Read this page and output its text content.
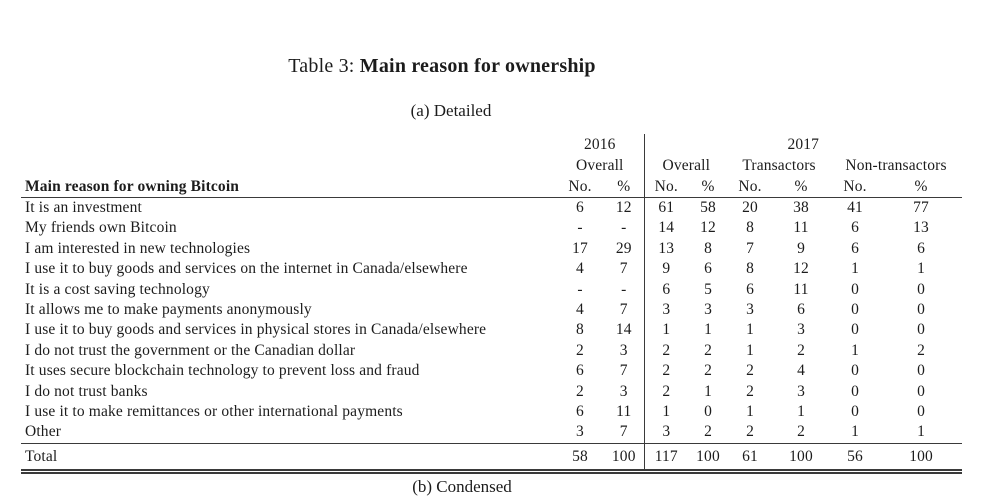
Table 3: Main reason for ownership
(a) Detailed
	2016		2017					
	Overall		Overall		Transactors		Non-transactors	
Main reason for owning Bitcoin	No.	%	No.	%	No.	%	No.	%
It is an investment	6	12	61	58	20	38	41	77
My friends own Bitcoin	-	-	14	12	8	11	6	13
I am interested in new technologies	17	29	13	8	7	9	6	6
I use it to buy goods and services on the internet in Canada/elsewhere	4	7	9	6	8	12	1	1
It is a cost saving technology	-	-	6	5	6	11	0	0
It allows me to make payments anonymously	4	7	3	3	3	6	0	0
I use it to buy goods and services in physical stores in Canada/elsewhere	8	14	1	1	1	3	0	0
I do not trust the government or the Canadian dollar	2	3	2	2	1	2	1	2
It uses secure blockchain technology to prevent loss and fraud	6	7	2	2	2	4	0	0
I do not trust banks	2	3	2	1	2	3	0	0
I use it to make remittances or other international payments	6	11	1	0	1	1	0	0
Other	3	7	3	2	2	2	1	1
Total	58	100	117	100	61	100	56	100
(b) Condensed
